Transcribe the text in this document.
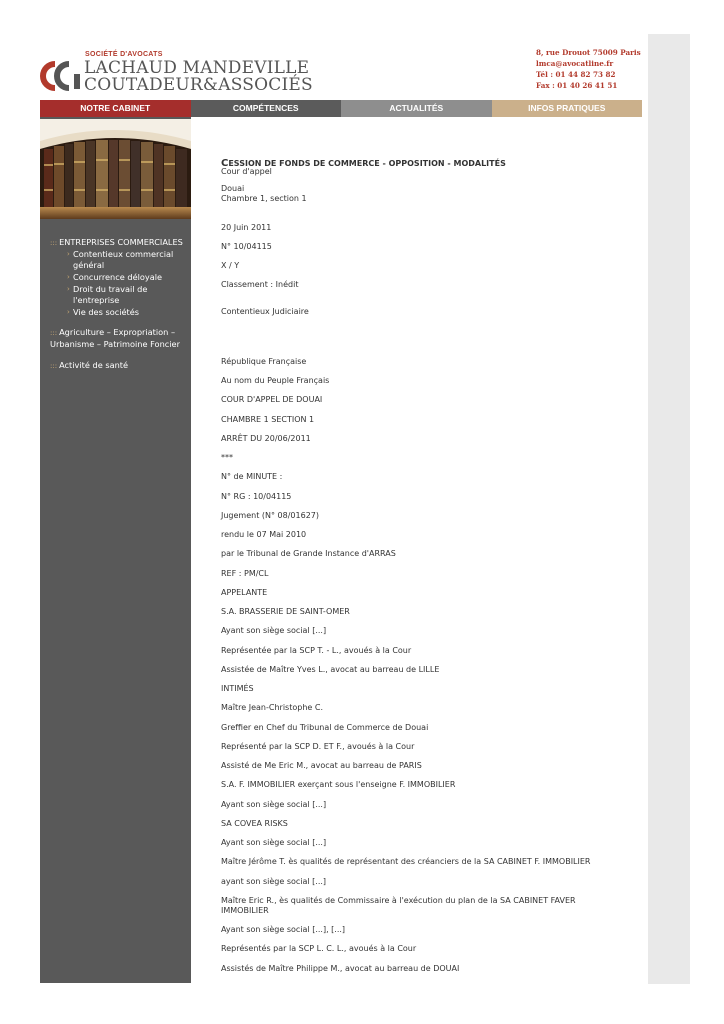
SOCIÉTÉ D'AVOCATS
LACHAUD MANDEVILLE
COUTADEUR&ASSOCIÉS
8, rue Drouot 75009 Paris
lmca@avocatline.fr
Tél : 01 44 82 73 82
Fax : 01 40 26 41 51
NOTRE CABINET	COMPÉTENCES	ACTUALITÉS	INFOS PRATIQUES
::: ENTREPRISES COMMERCIALES
› Contentieux commercial général
› Concurrence déloyale
› Droit du travail de l'entreprise
› Vie des sociétés
::: Agriculture – Expropriation – Urbanisme – Patrimoine Foncier
::: Activité de santé
CESSION DE FONDS DE COMMERCE - OPPOSITION - MODALITÉS
Cour d'appel
Douai
Chambre 1, section 1
20 Juin 2011
N° 10/04115
X / Y
Classement : Inédit
Contentieux Judiciaire
République Française
Au nom du Peuple Français
COUR D'APPEL DE DOUAI
CHAMBRE 1 SECTION 1
ARRÊT DU 20/06/2011
***
N° de MINUTE :
N° RG : 10/04115
Jugement (N° 08/01627)
rendu le 07 Mai 2010
par le Tribunal de Grande Instance d'ARRAS
REF : PM/CL
APPELANTE
S.A. BRASSERIE DE SAINT-OMER
Ayant son siège social [...]
Représentée par la SCP T. - L., avoués à la Cour
Assistée de Maître Yves L., avocat au barreau de LILLE
INTIMÉS
Maître Jean-Christophe C.
Greffier en Chef du Tribunal de Commerce de Douai
Représenté par la SCP D. ET F., avoués à la Cour
Assisté de Me Eric M., avocat au barreau de PARIS
S.A. F. IMMOBILIER exerçant sous l'enseigne F. IMMOBILIER
Ayant son siège social [...]
SA COVEA RISKS
Ayant son siège social [...]
Maître Jérôme T. ès qualités de représentant des créanciers de la SA CABINET F. IMMOBILIER
ayant son siège social [...]
Maître Eric R., ès qualités de Commissaire à l'exécution du plan de la SA CABINET FAVER
IMMOBILIER
Ayant son siège social [...], [...]
Représentés par la SCP L. C. L., avoués à la Cour
Assistés de Maître Philippe M., avocat au barreau de DOUAI
